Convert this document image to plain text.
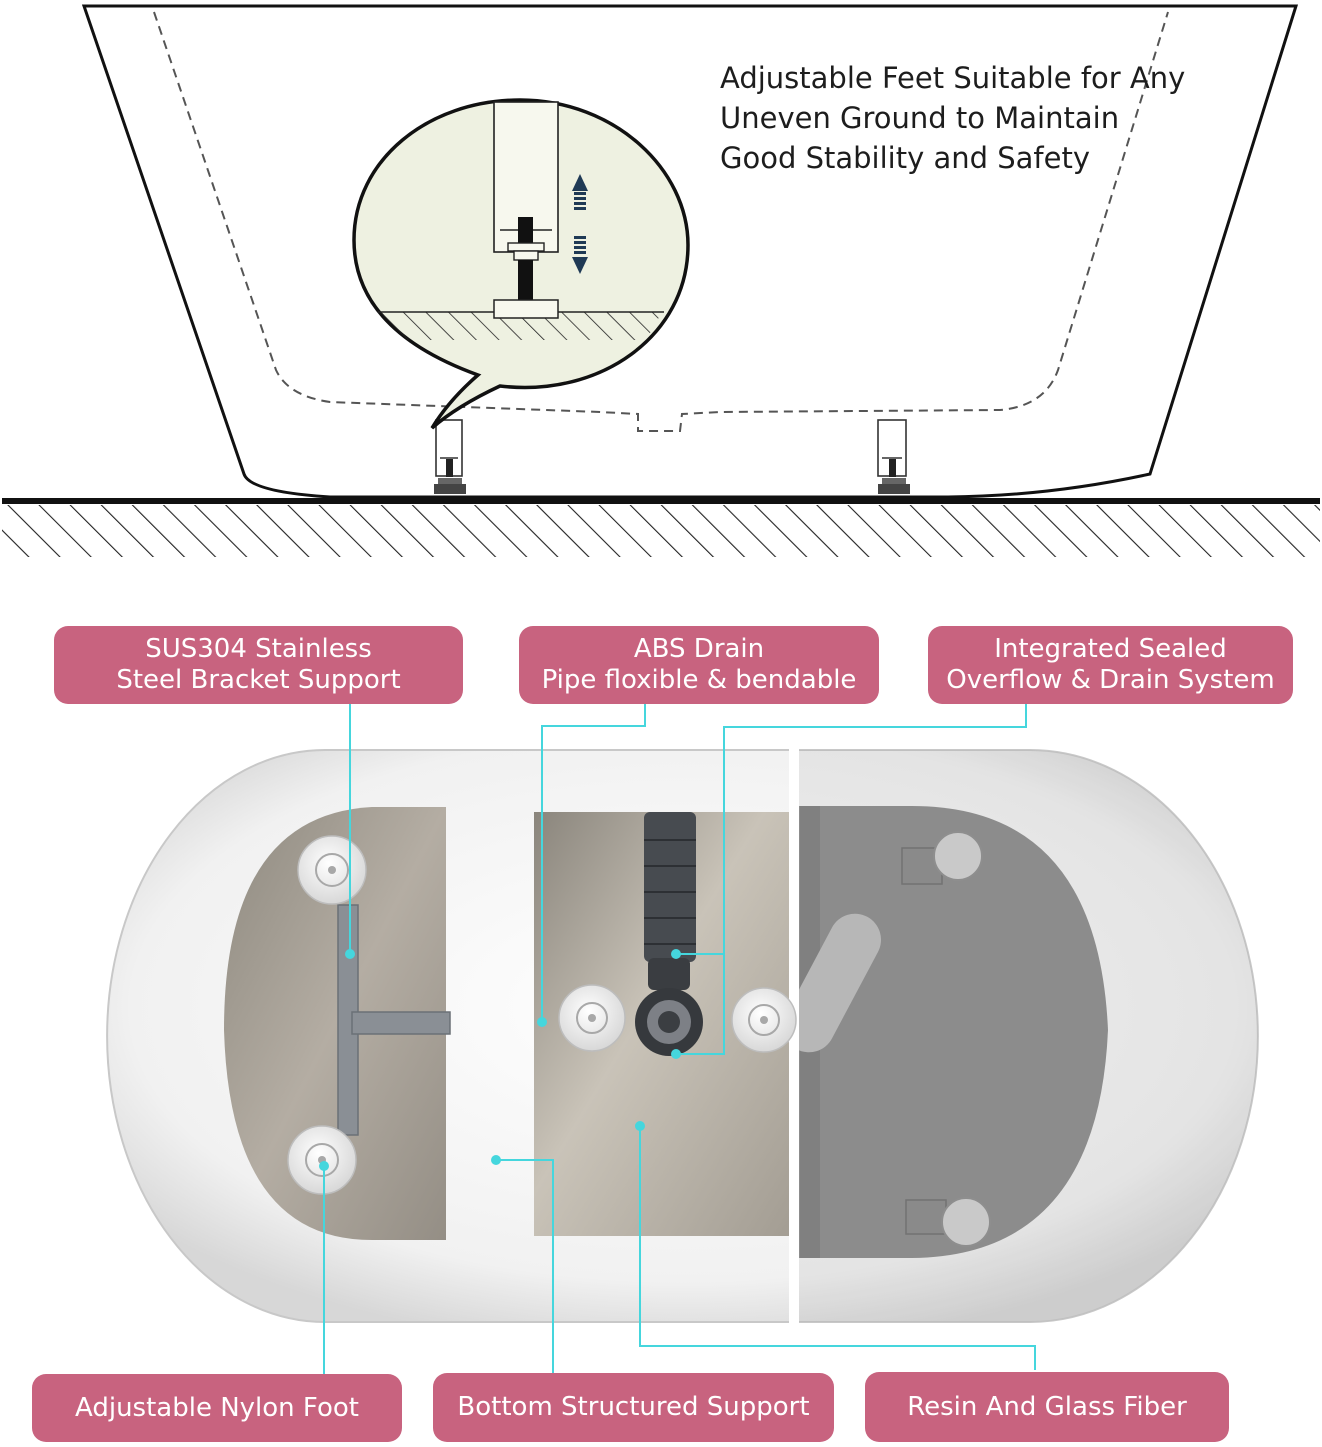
Adjustable Feet Suitable for Any
Uneven Ground to Maintain
Good Stability and Safety
SUS304 Stainless
Steel Bracket Support
ABS Drain
Pipe floxible & bendable
Integrated Sealed
Overflow & Drain System
Adjustable Nylon Foot	Bottom Structured Support	Resin And Glass Fiber
